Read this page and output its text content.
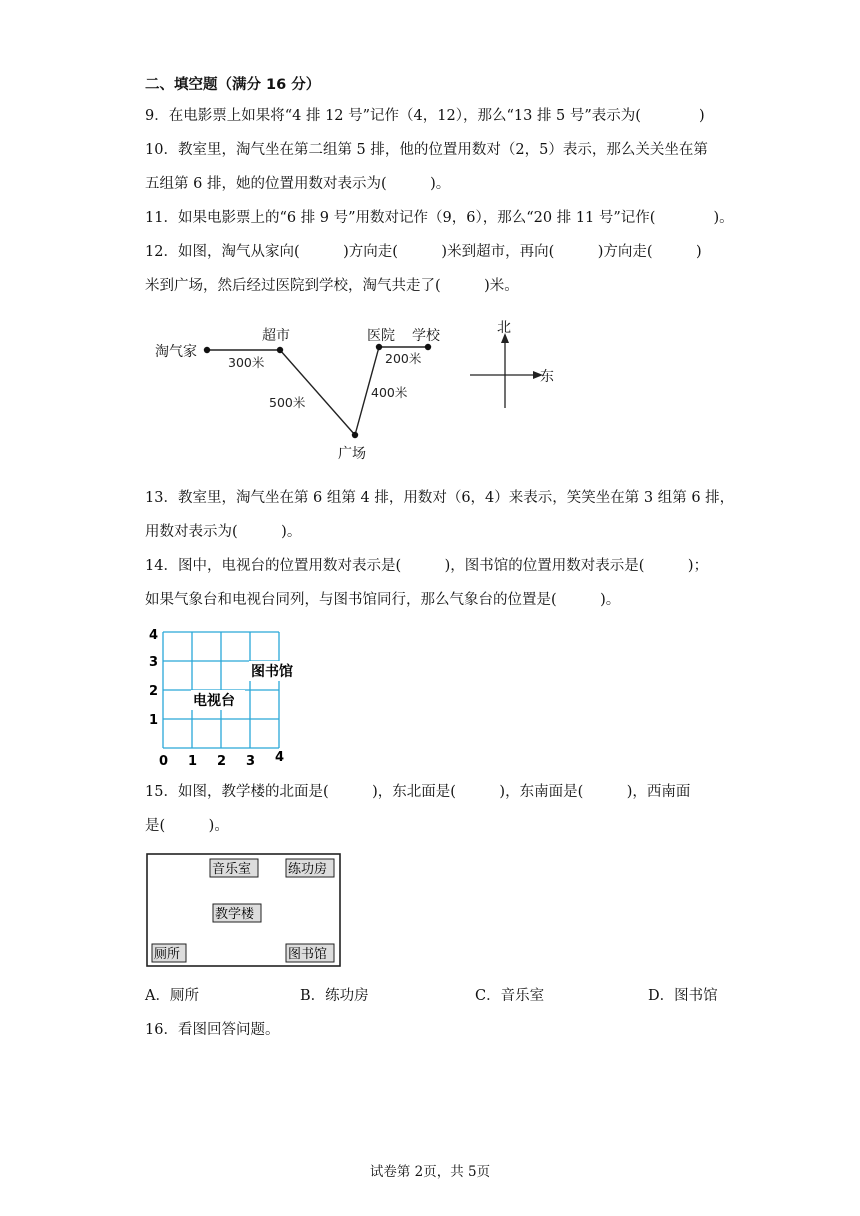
二、填空题（满分 16 分）
9．在电影票上如果将“4 排 12 号”记作（4，12），那么“13 排 5 号”表示为(　　　　)
10．教室里，淘气坐在第二组第 5 排，他的位置用数对（2，5）表示，那么关关坐在第
五组第 6 排，她的位置用数对表示为(　　　)。
11．如果电影票上的“6 排 9 号”用数对记作（9，6），那么“20 排 11 号”记作(　　　　)。
12．如图，淘气从家向(　　　)方向走(　　　)米到超市，再向(　　　)方向走(　　　)
米到广场，然后经过医院到学校，淘气共走了(　　　)米。
淘气家
超市	医院 学校
广场
300米
500米
400米
200米
北
东
13．教室里，淘气坐在第 6 组第 4 排，用数对（6，4）来表示，笑笑坐在第 3 组第 6 排，
用数对表示为(　　　)。
14．图中，电视台的位置用数对表示是(　　　)，图书馆的位置用数对表示是(　　　)；
如果气象台和电视台同列，与图书馆同行，那么气象台的位置是(　　　)。
0 1 2 3 4
1
2
3
4
电视台
图书馆
15．如图，教学楼的北面是(　　　)，东北面是(　　　)，东南面是(　　　)，西南面
是(　　　)。
音乐室	练功房
教学楼
厕所	图书馆
A．厕所	B．练功房	C．音乐室	D．图书馆
16．看图回答问题。
试卷第 2页，共 5页
